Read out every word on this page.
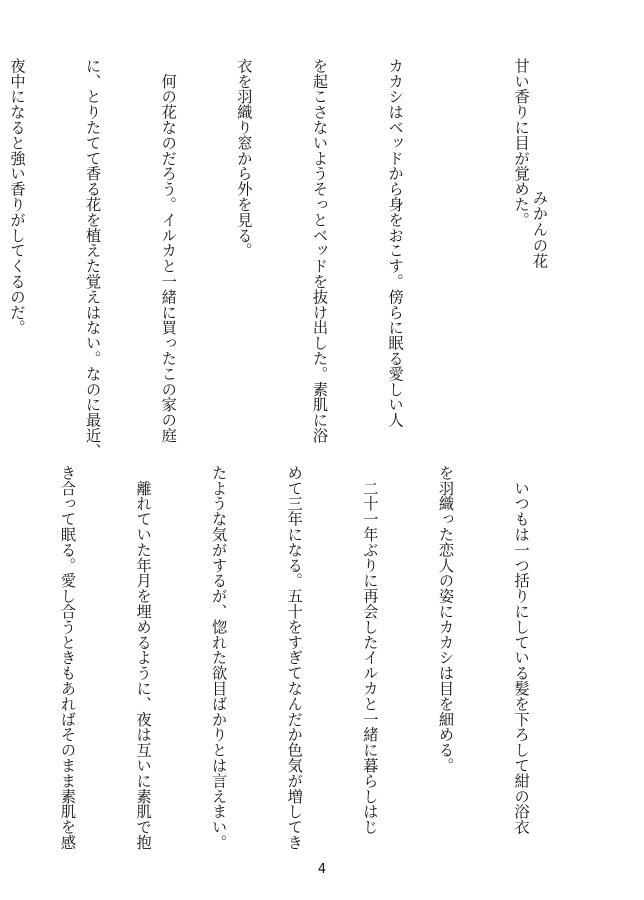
みかんの花

甘い香りに目が覚めた。

カカシはベッドから身をおこす。傍らに眠る愛しい人

を起こさないようそっとベッドを抜け出した。素肌に浴

衣を羽織り窓から外を見る。

　何の花なのだろう。イルカと一緒に買ったこの家の庭

に、とりたてて香る花を植えた覚えはない。なのに最近、

夜中になると強い香りがしてくるのだ。

　いつもは一つ括りにしている髪を下ろして紺の浴衣

を羽織った恋人の姿にカカシは目を細める。

　二十一年ぶりに再会したイルカと一緒に暮らしはじ

めて三年になる。五十をすぎてなんだか色気が増してき

たような気がするが、惚れた欲目ばかりとは言えまい。

　離れていた年月を埋めるように、夜は互いに素肌で抱

き合って眠る。愛し合うときもあればそのまま素肌を感

4
